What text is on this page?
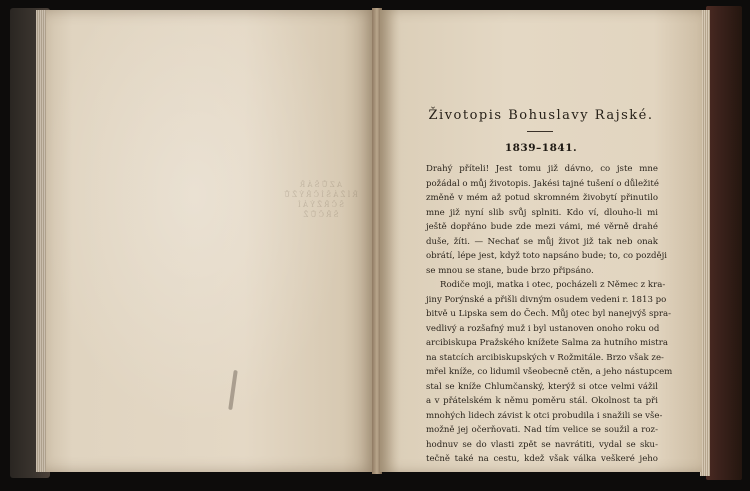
A Z Ů Š Á Ř
Ř Í Ž Á Š Í Č Ř Ý Ž Ů
Š Č Ř Ž Ý Á Í
Š Ř Č Ů Ž
Životopis Bohuslavy Rajské.
1839–1841.
Drahý příteli! Jest tomu již dávno, co jste mne
požádal o můj životopis. Jakési tajné tušení o důležité
změně v mém až potud skromném živobytí přinutilo
mne již nyní slib svůj splniti. Kdo ví, dlouho-li mi
ještě dopřáno bude zde mezi vámi, mé věrně drahé
duše, žíti. — Nechať se můj život již tak neb onak
obrátí, lépe jest, když toto napsáno bude; to, co později
se mnou se stane, bude brzo připsáno.
Rodiče moji, matka i otec, pocházeli z Němec z kra-
jiny Porýnské a přišli divným osudem vedeni r. 1813 po
bitvě u Lipska sem do Čech. Můj otec byl nanejvýš spra-
vedlivý a rozšafný muž i byl ustanoven onoho roku od
arcibiskupa Pražského knížete Salma za hutního mistra
na statcích arcibiskupských v Rožmitále. Brzo však ze-
mřel kníže, co lidumil všeobecně ctěn, a jeho nástupcem
stal se kníže Chlumčanský, kterýž si otce velmi vážil
a v přátelském k němu poměru stál. Okolnost ta při
mnohých lidech závist k otci probudila i snažili se vše-
možně jej očerňovati. Nad tím velice se soužil a roz-
hodnuv se do vlasti zpět se navrátiti, vydal se sku-
tečně také na cestu, kdež však válka veškeré jeho
